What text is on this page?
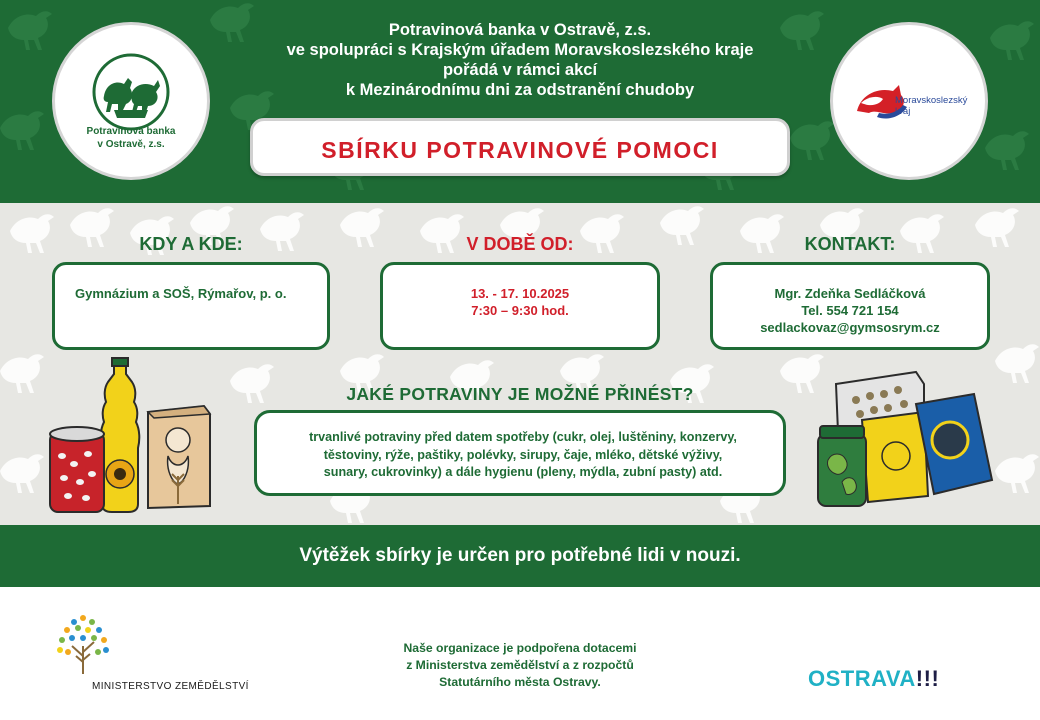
Potravinová banka
v Ostravě, z.s.
Potravinová banka v Ostravě, z.s.
ve spolupráci s Krajským úřadem Moravskoslezského kraje
pořádá v rámci akcí
k Mezinárodnímu dni za odstranění chudoby
SBÍRKU POTRAVINOVÉ POMOCI
Moravskoslezský
kraj
KDY A KDE:	V DOBĚ OD:	KONTAKT:
Gymnázium a SOŠ, Rýmařov, p. o.	13. - 17. 10.2025
7:30 – 9:30 hod.
Mgr. Zdeňka Sedláčková
Tel. 554 721 154
sedlackovaz@gymsosrym.cz
JAKÉ POTRAVINY JE MOŽNÉ PŘINÉST?
trvanlivé potraviny před datem spotřeby (cukr, olej, luštěniny, konzervy,
těstoviny, rýže, paštiky, polévky, sirupy, čaje, mléko, dětské výživy,
sunary, cukrovinky) a dále hygienu (pleny, mýdla, zubní pasty) atd.
Výtěžek sbírky je určen pro potřebné lidi v nouzi.
MINISTERSTVO ZEMĚDĚLSTVÍ
Naše organizace je podpořena dotacemi
z Ministerstva zemědělství a z rozpočtů
Statutárního města Ostravy.	OSTRAVA!!!
